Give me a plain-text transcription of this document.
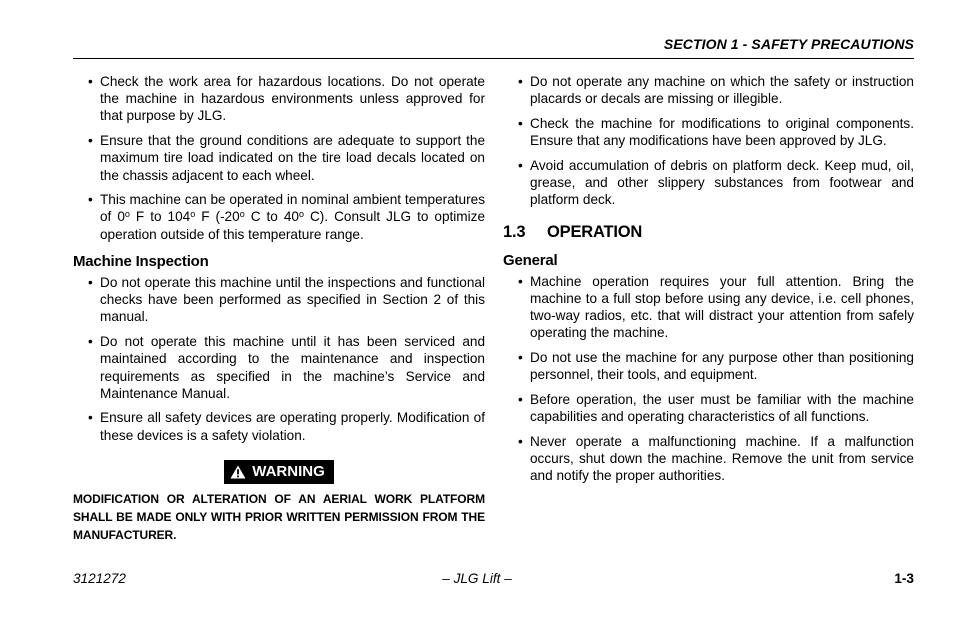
SECTION 1 - SAFETY PRECAUTIONS
• Check the work area for hazardous locations. Do not operate the machine in hazardous environments unless approved for that purpose by JLG.
• Ensure that the ground conditions are adequate to support the maximum tire load indicated on the tire load decals located on the chassis adjacent to each wheel.
• This machine can be operated in nominal ambient temperatures of 0$^o$ F to 104$^o$ F (-20$^o$ C to 40$^o$ C). Consult JLG to optimize operation outside of this temperature range.
Machine Inspection
• Do not operate this machine until the inspections and functional checks have been performed as specified in Section 2 of this manual.
• Do not operate this machine until it has been serviced and maintained according to the maintenance and inspection requirements as specified in the machine’s Service and Maintenance Manual.
• Ensure all safety devices are operating properly. Modification of these devices is a safety violation.
WARNING
MODIFICATION OR ALTERATION OF AN AERIAL WORK PLATFORM SHALL BE MADE ONLY WITH PRIOR WRITTEN PERMISSION FROM THE MANUFACTURER.
• Do not operate any machine on which the safety or instruction placards or decals are missing or illegible.
• Check the machine for modifications to original components. Ensure that any modifications have been approved by JLG.
• Avoid accumulation of debris on platform deck. Keep mud, oil, grease, and other slippery substances from footwear and platform deck.
1.3	OPERATION
General
• Machine operation requires your full attention. Bring the machine to a full stop before using any device, i.e. cell phones, two-way radios, etc. that will distract your attention from safely operating the machine.
• Do not use the machine for any purpose other than positioning personnel, their tools, and equipment.
• Before operation, the user must be familiar with the machine capabilities and operating characteristics of all functions.
• Never operate a malfunctioning machine. If a malfunction occurs, shut down the machine. Remove the unit from service and notify the proper authorities.
3121272	– JLG Lift –	1-3
